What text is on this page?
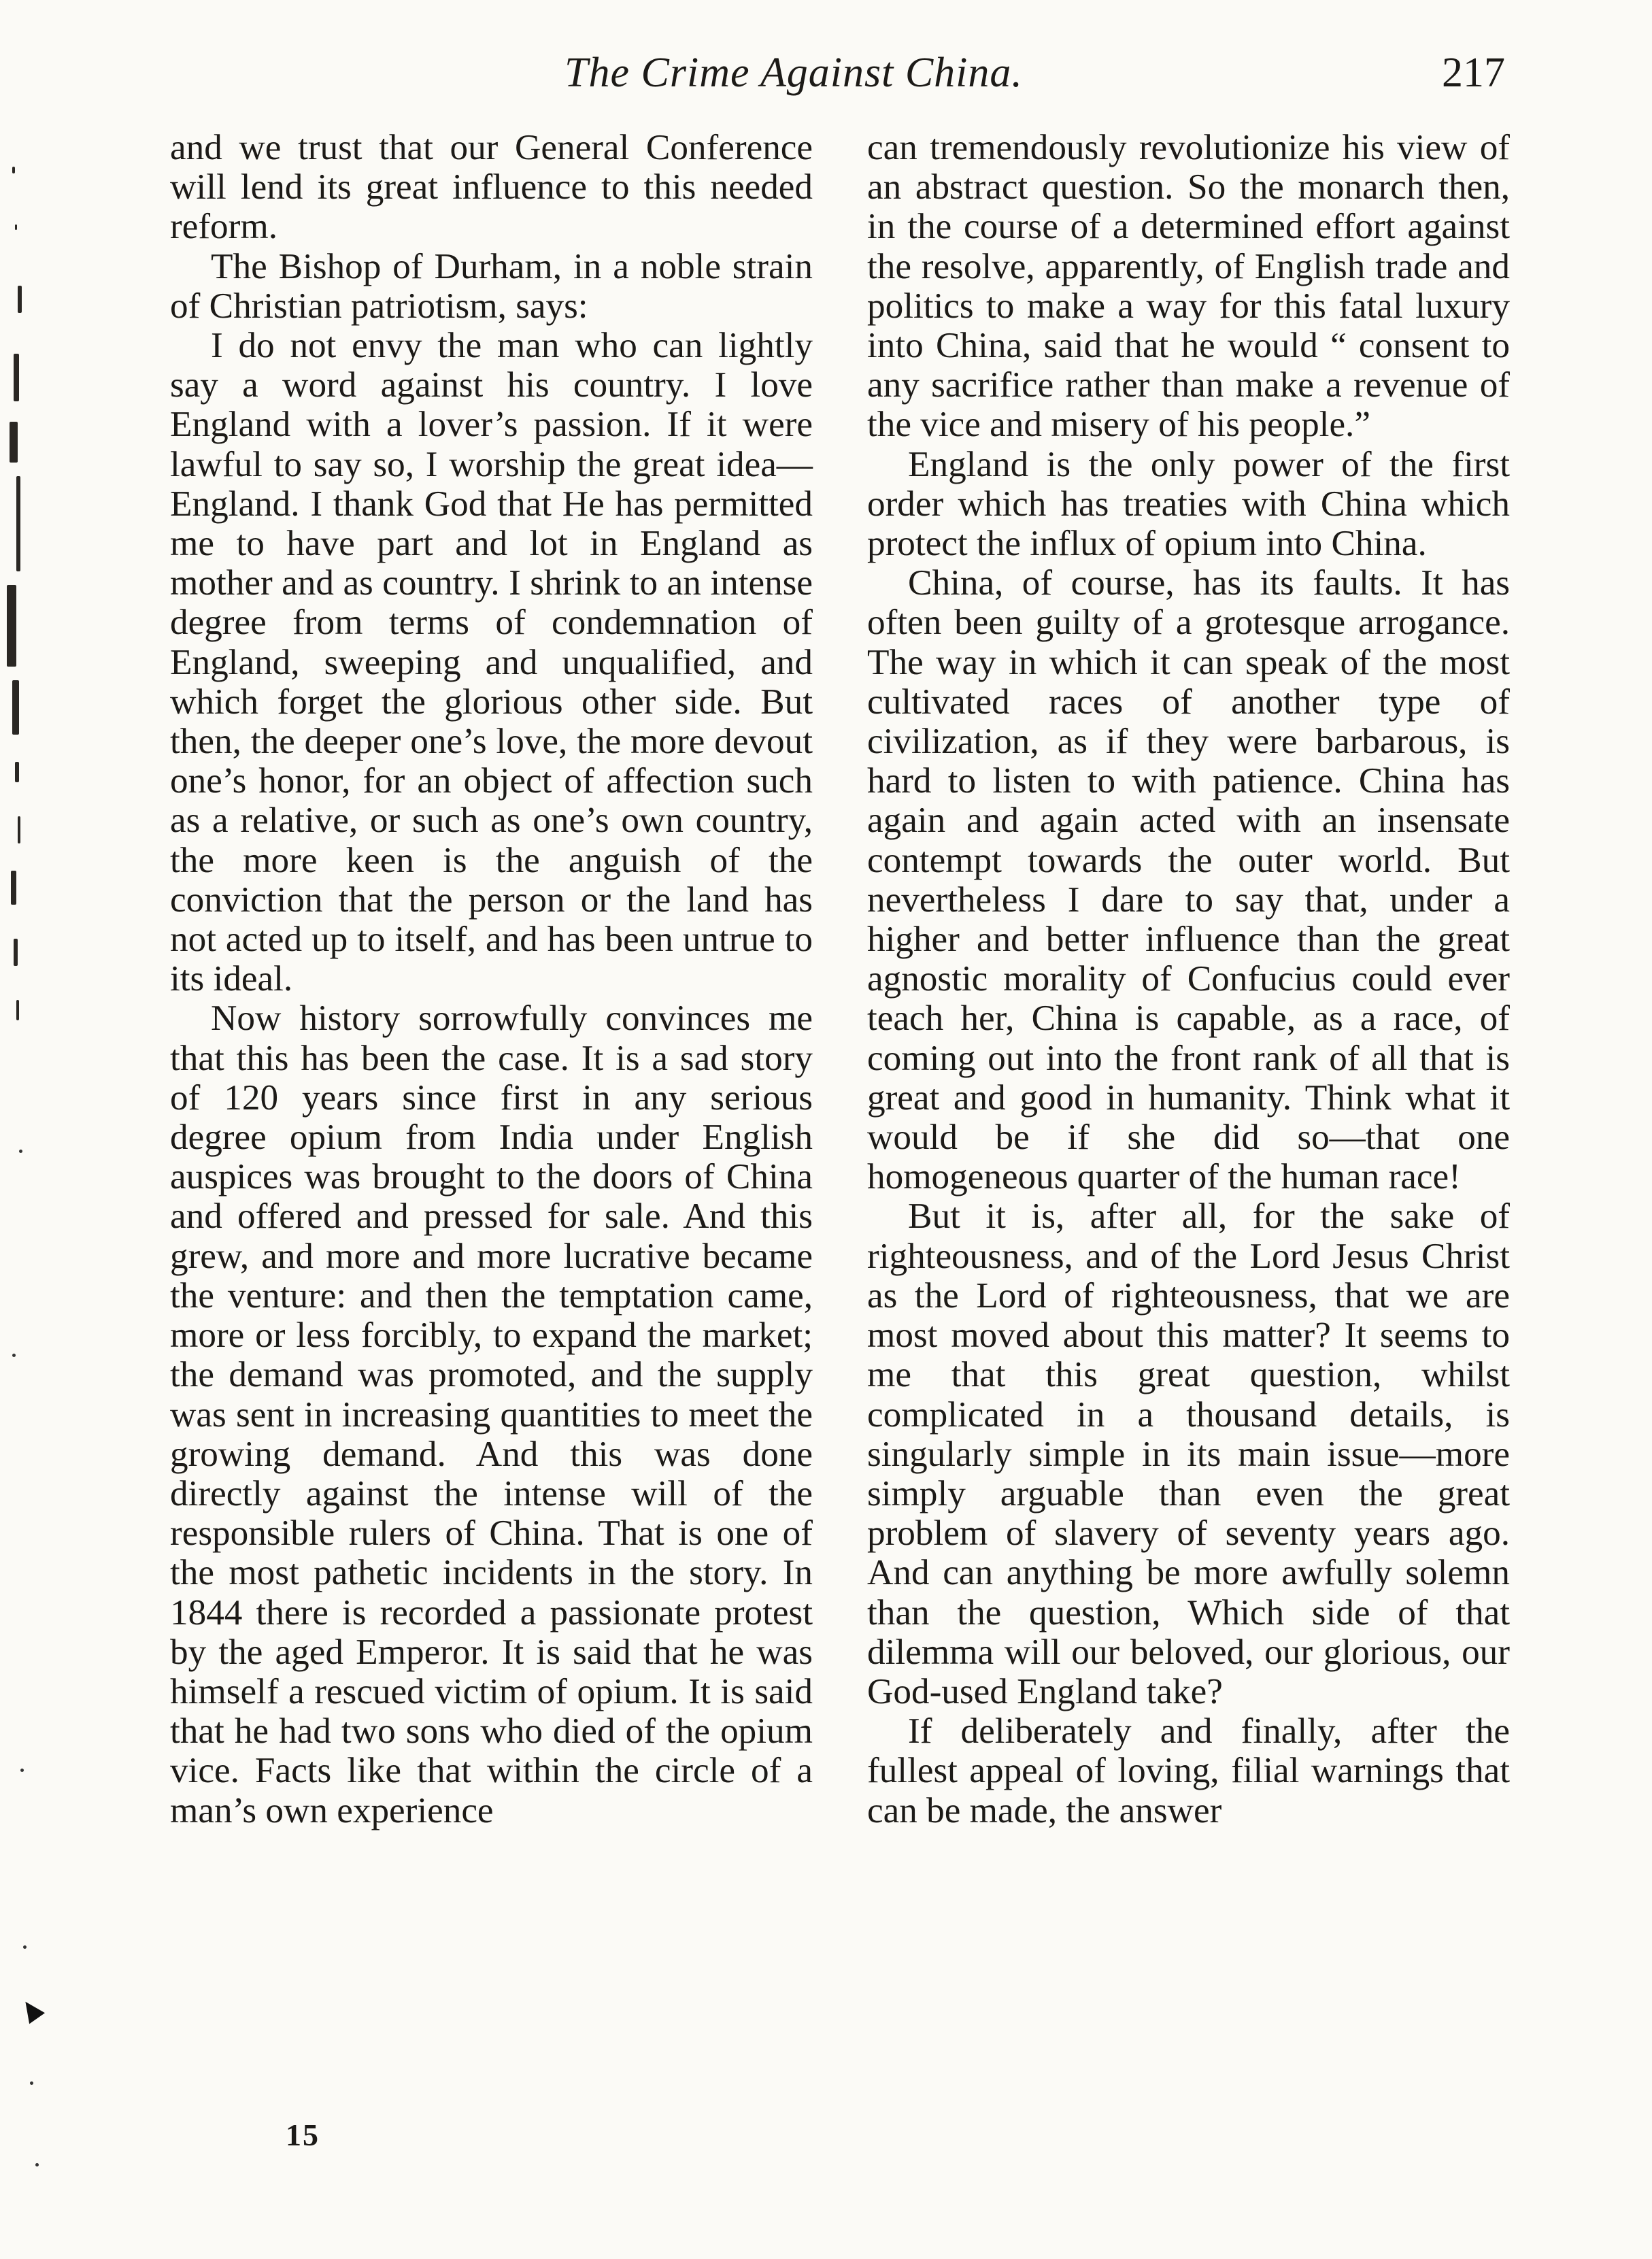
The Crime Against China.	217

and we trust that our General Conference will lend its great influence to this needed reform.

The Bishop of Durham, in a noble strain of Christian patriotism, says:

I do not envy the man who can lightly say a word against his country. I love England with a lover’s passion. If it were lawful to say so, I worship the great idea—England. I thank God that He has permitted me to have part and lot in England as mother and as country. I shrink to an intense degree from terms of condemnation of England, sweeping and unqualified, and which forget the glorious other side. But then, the deeper one’s love, the more devout one’s honor, for an object of affection such as a relative, or such as one’s own country, the more keen is the anguish of the conviction that the person or the land has not acted up to itself, and has been untrue to its ideal.

Now history sorrowfully convinces me that this has been the case. It is a sad story of 120 years since first in any serious degree opium from India under English auspices was brought to the doors of China and offered and pressed for sale. And this grew, and more and more lucrative became the venture: and then the temptation came, more or less forcibly, to expand the market; the demand was promoted, and the supply was sent in increasing quantities to meet the growing demand. And this was done directly against the intense will of the responsible rulers of China. That is one of the most pathetic incidents in the story. In 1844 there is recorded a passionate protest by the aged Emperor. It is said that he was himself a rescued victim of opium. It is said that he had two sons who died of the opium vice. Facts like that within the circle of a man’s own experience

can tremendously revolutionize his view of an abstract question. So the monarch then, in the course of a determined effort against the resolve, apparently, of English trade and politics to make a way for this fatal luxury into China, said that he would “ consent to any sacrifice rather than make a revenue of the vice and misery of his people.”

England is the only power of the first order which has treaties with China which protect the influx of opium into China.

China, of course, has its faults. It has often been guilty of a grotesque arrogance. The way in which it can speak of the most cultivated races of another type of civilization, as if they were barbarous, is hard to listen to with patience. China has again and again acted with an insensate contempt towards the outer world. But nevertheless I dare to say that, under a higher and better influence than the great agnostic morality of Confucius could ever teach her, China is capable, as a race, of coming out into the front rank of all that is great and good in humanity. Think what it would be if she did so—that one homogeneous quarter of the human race!

But it is, after all, for the sake of righteousness, and of the Lord Jesus Christ as the Lord of righteousness, that we are most moved about this matter? It seems to me that this great question, whilst complicated in a thousand details, is singularly simple in its main issue—more simply arguable than even the great problem of slavery of seventy years ago. And can anything be more awfully solemn than the question, Which side of that dilemma will our beloved, our glorious, our God-used England take?

If deliberately and finally, after the fullest appeal of loving, filial warnings that can be made, the answer

15
